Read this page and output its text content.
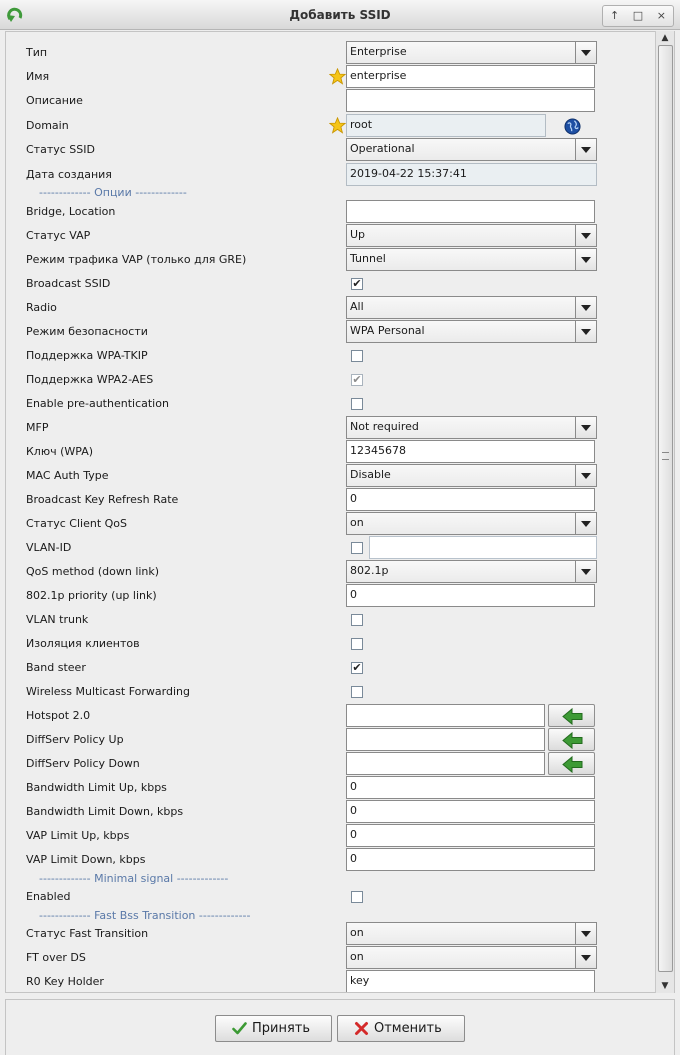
Добавить SSID	↑	□	×
Тип	Enterprise
Имя	enterprise
Описание
Domain	root
Статус SSID	Operational
Дата создания	2019-04-22 15:37:41
------------- Опции -------------
Bridge, Location
Статус VAP	Up
Режим трафика VAP (только для GRE)	Tunnel
Broadcast SSID	✔
Radio	All
Режим безопасности	WPA Personal
Поддержка WPA-TKIP
Поддержка WPA2-AES	✔
Enable pre-authentication
MFP	Not required
Ключ (WPA)	12345678
MAC Auth Type	Disable
Broadcast Key Refresh Rate	0
Статус Client QoS	on
VLAN-ID
QoS method (down link)	802.1p
802.1p priority (up link)	0
VLAN trunk
Изоляция клиентов
Band steer	✔
Wireless Multicast Forwarding
Hotspot 2.0
DiffServ Policy Up
DiffServ Policy Down
Bandwidth Limit Up, kbps	0
Bandwidth Limit Down, kbps	0
VAP Limit Up, kbps	0
VAP Limit Down, kbps	0
------------- Minimal signal -------------
Enabled
------------- Fast Bss Transition -------------
Статус Fast Transition	on
FT over DS	on
R0 Key Holder	key
▲
▼
Принять	Отменить
